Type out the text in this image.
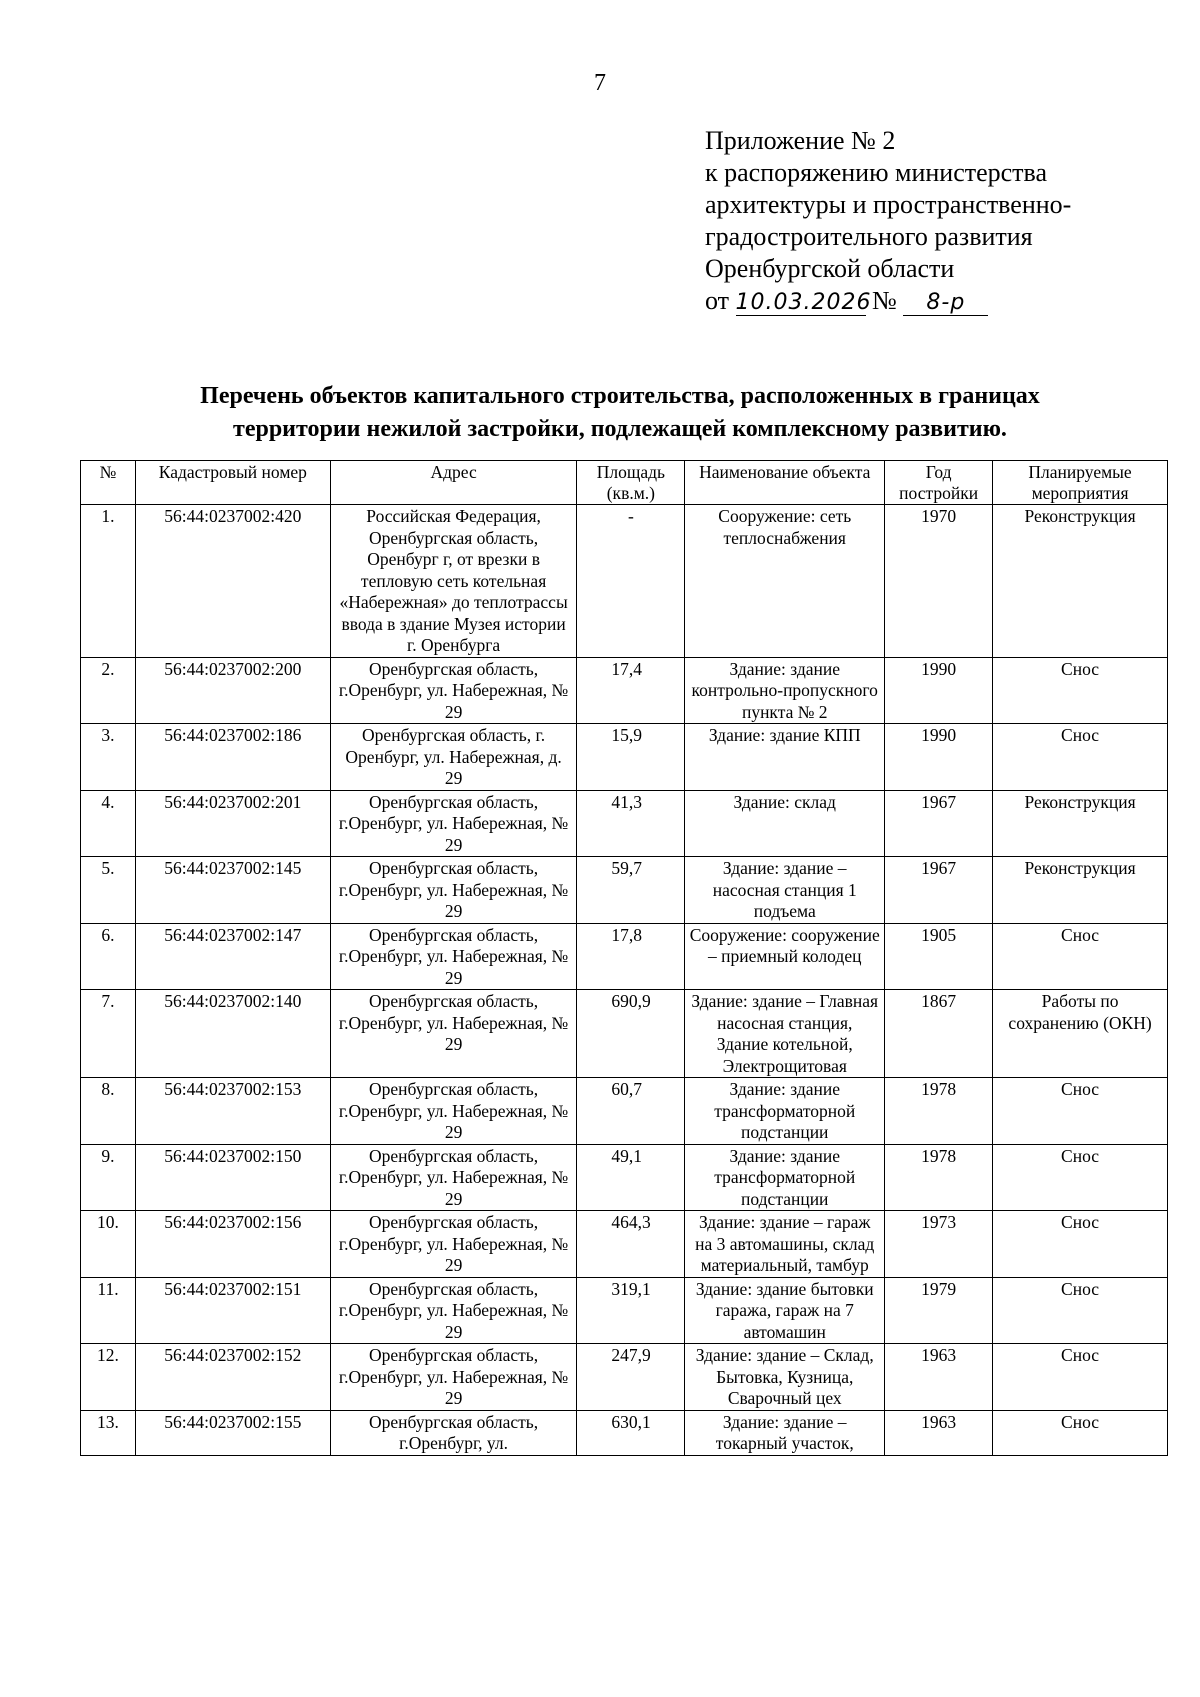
7
Приложение № 2
к распоряжению министерства
архитектуры и пространственно-
градостроительного развития
Оренбургской области
от 10.03.2026 № 8-р
Перечень объектов капитального строительства, расположенных в границах
территории нежилой застройки, подлежащей комплексному развитию.
№	Кадастровый номер	Адрес	Площадь (кв.м.)	Наименование объекта	Год постройки	Планируемые мероприятия
1.	56:44:0237002:420	Российская Федерация, Оренбургская область, Оренбург г, от врезки в тепловую сеть котельная «Набережная» до теплотрассы ввода в здание Музея истории г. Оренбурга	-	Сооружение: сеть теплоснабжения	1970	Реконструкция
2.	56:44:0237002:200	Оренбургская область, г.Оренбург, ул. Набережная, № 29	17,4	Здание: здание контрольно-пропускного пункта № 2	1990	Снос
3.	56:44:0237002:186	Оренбургская область, г. Оренбург, ул. Набережная, д. 29	15,9	Здание: здание КПП	1990	Снос
4.	56:44:0237002:201	Оренбургская область, г.Оренбург, ул. Набережная, № 29	41,3	Здание: склад	1967	Реконструкция
5.	56:44:0237002:145	Оренбургская область, г.Оренбург, ул. Набережная, № 29	59,7	Здание: здание – насосная станция 1 подъема	1967	Реконструкция
6.	56:44:0237002:147	Оренбургская область, г.Оренбург, ул. Набережная, № 29	17,8	Сооружение: сооружение – приемный колодец	1905	Снос
7.	56:44:0237002:140	Оренбургская область, г.Оренбург, ул. Набережная, № 29	690,9	Здание: здание – Главная насосная станция, Здание котельной, Электрощитовая	1867	Работы по сохранению (ОКН)
8.	56:44:0237002:153	Оренбургская область, г.Оренбург, ул. Набережная, № 29	60,7	Здание: здание трансформаторной подстанции	1978	Снос
9.	56:44:0237002:150	Оренбургская область, г.Оренбург, ул. Набережная, № 29	49,1	Здание: здание трансформаторной подстанции	1978	Снос
10.	56:44:0237002:156	Оренбургская область, г.Оренбург, ул. Набережная, № 29	464,3	Здание: здание – гараж на 3 автомашины, склад материальный, тамбур	1973	Снос
11.	56:44:0237002:151	Оренбургская область, г.Оренбург, ул. Набережная, № 29	319,1	Здание: здание бытовки гаража, гараж на 7 автомашин	1979	Снос
12.	56:44:0237002:152	Оренбургская область, г.Оренбург, ул. Набережная, № 29	247,9	Здание: здание – Склад, Бытовка, Кузница, Сварочный цех	1963	Снос
13.	56:44:0237002:155	Оренбургская область, г.Оренбург, ул.	630,1	Здание: здание – токарный участок,	1963	Снос
